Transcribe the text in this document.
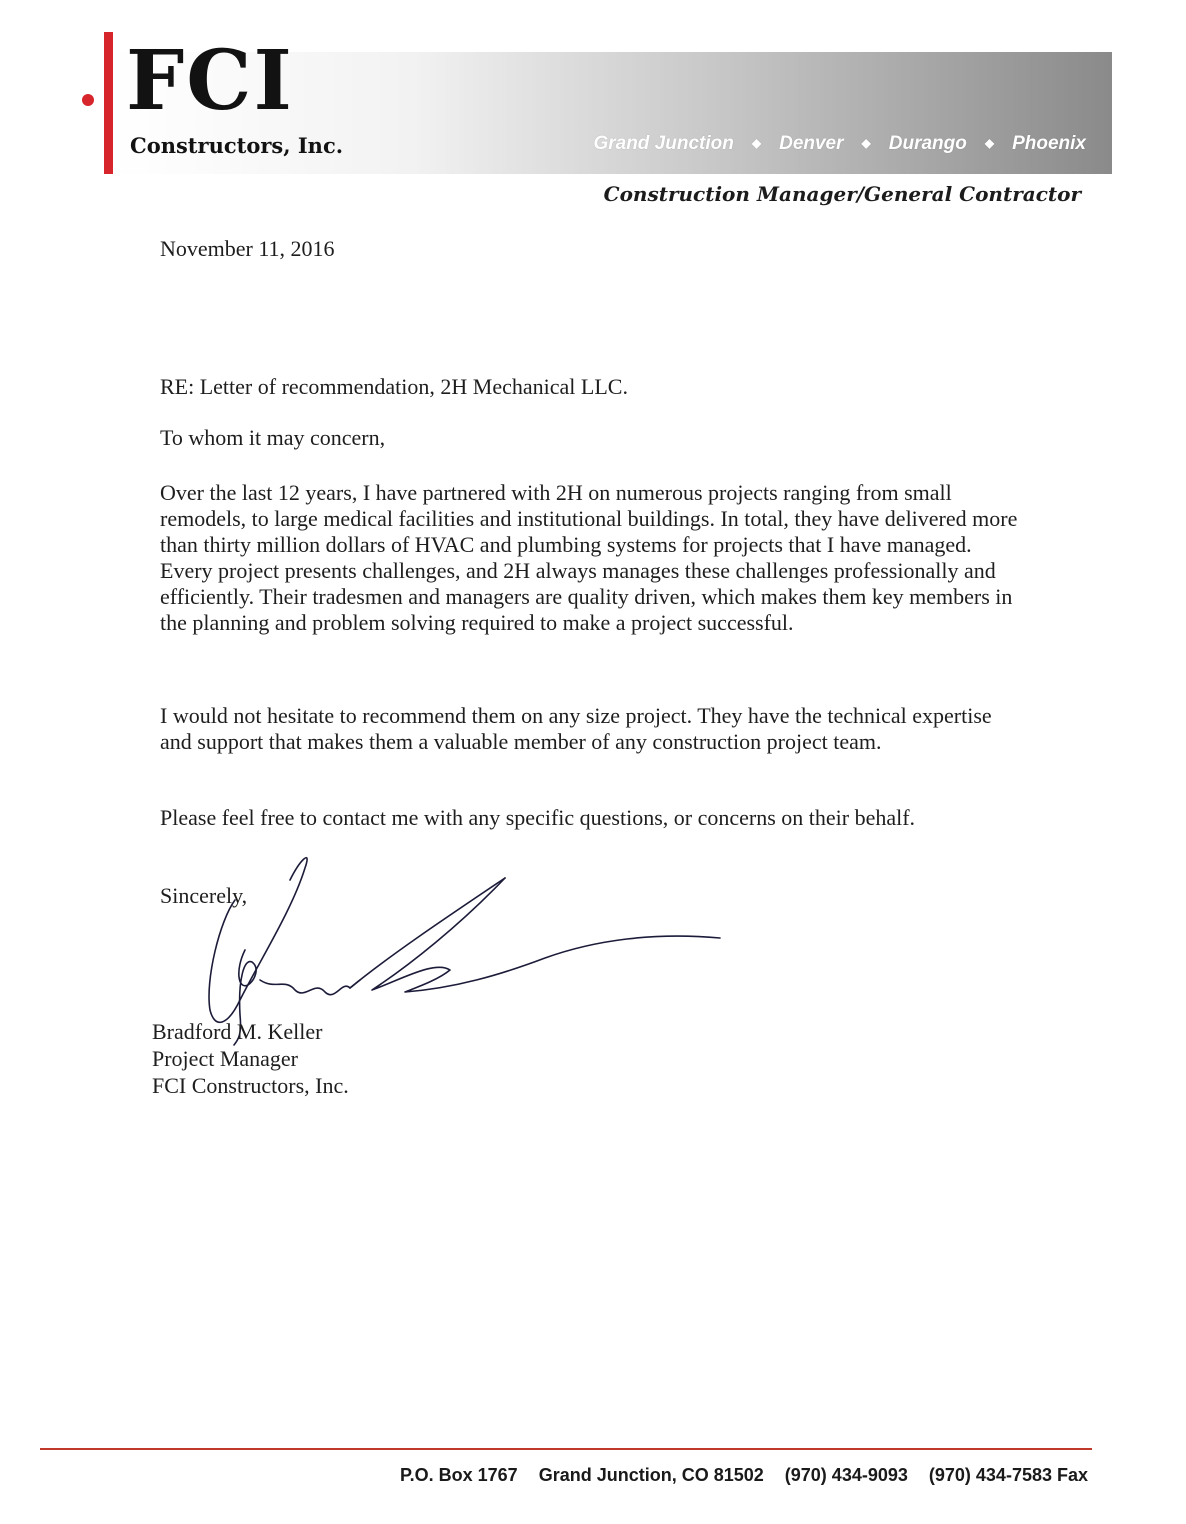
FCI
Constructors, Inc.	Grand Junction ◆ Denver ◆ Durango ◆ Phoenix
Construction Manager/General Contractor
November 11, 2016
RE: Letter of recommendation, 2H Mechanical LLC.
To whom it may concern,
Over the last 12 years, I have partnered with 2H on numerous projects ranging from small remodels, to large medical facilities and institutional buildings. In total, they have delivered more than thirty million dollars of HVAC and plumbing systems for projects that I have managed. Every project presents challenges, and 2H always manages these challenges professionally and efficiently. Their tradesmen and managers are quality driven, which makes them key members in the planning and problem solving required to make a project successful.
I would not hesitate to recommend them on any size project. They have the technical expertise and support that makes them a valuable member of any construction project team.
Please feel free to contact me with any specific questions, or concerns on their behalf.
Sincerely,
Bradford M. Keller
Project Manager
FCI Constructors, Inc.
P.O. Box 1767 Grand Junction, CO 81502 (970) 434-9093 (970) 434-7583 Fax
